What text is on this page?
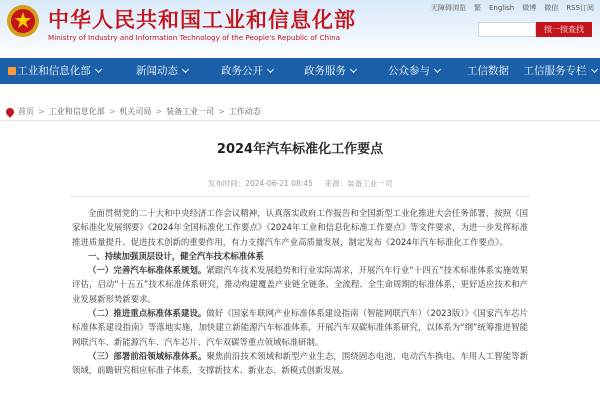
中华人民共和国工业和信息化部
Ministry of Industry and Information Technology of the People's Republic of China
无障碍浏览 繁 English 微博 微信 RSS订阅
按一按查找
工业和信息化部	新闻动态	政务公开	政务服务	公众参与	工信数据	工信服务专栏
首页 > 工业和信息化部 > 机关司局 > 装备工业一司 > 工作动态
2024年汽车标准化工作要点
发布时间：2024-06-21 08:45 来源：装备工业一司

全面贯彻党的二十大和中央经济工作会议精神，认真落实政府工作报告和全国新型工业化推进大会任务部署，按照《国家标准化发展纲要》《2024年全国标准化工作要点》《2024年工业和信息化标准工作要点》等文件要求，为进一步发挥标准推进质量提升、促进技术创新的重要作用，有力支撑汽车产业高质量发展，制定发布《2024年汽车标准化工作要点》。

一、持续加强顶层设计，健全汽车技术标准体系

（一）完善汽车标准体系规划。紧跟汽车技术发展趋势和行业实际需求，开展汽车行业“十四五”技术标准体系实施效果评估，启动“十五五”技术标准体系研究，推动构建覆盖产业链全链条、全流程、全生命周期的标准体系，更好适应技术和产业发展新形势新要求。

（二）推进重点标准体系建设。做好《国家车联网产业标准体系建设指南（智能网联汽车）（2023版）》《国家汽车芯片标准体系建设指南》等落地实施，加快建立新能源汽车标准体系，开展汽车双碳标准体系研究，以体系为“纲”统筹推进智能网联汽车、新能源汽车、汽车芯片、汽车双碳等重点领域标准研制。

（三）部署前沿领域标准体系。聚焦前沿技术领域和新型产业生态，围绕固态电池、电动汽车换电、车用人工智能等新领域，前瞻研究相应标准子体系，支撑新技术、新业态、新模式创新发展。
